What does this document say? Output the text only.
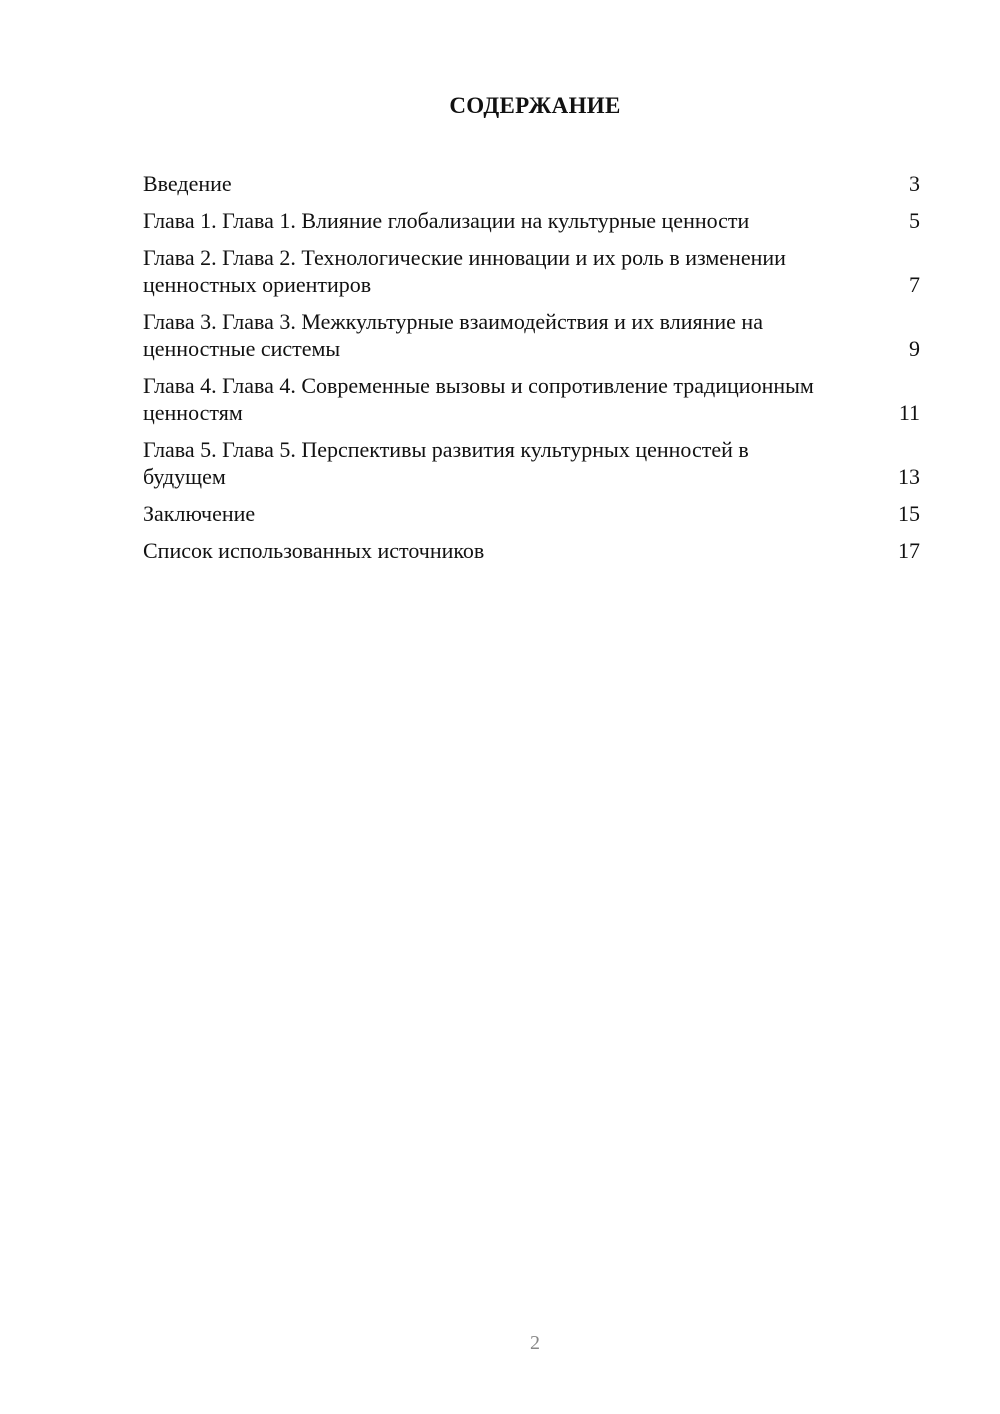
СОДЕРЖАНИЕ
Введение	3
Глава 1. Глава 1. Влияние глобализации на культурные ценности	5
Глава 2. Глава 2. Технологические инновации и их роль в изменении ценностных ориентиров	7
Глава 3. Глава 3. Межкультурные взаимодействия и их влияние на ценностные системы	9
Глава 4. Глава 4. Современные вызовы и сопротивление традиционным ценностям	11
Глава 5. Глава 5. Перспективы развития культурных ценностей в будущем	13
Заключение	15
Список использованных источников	17
2
